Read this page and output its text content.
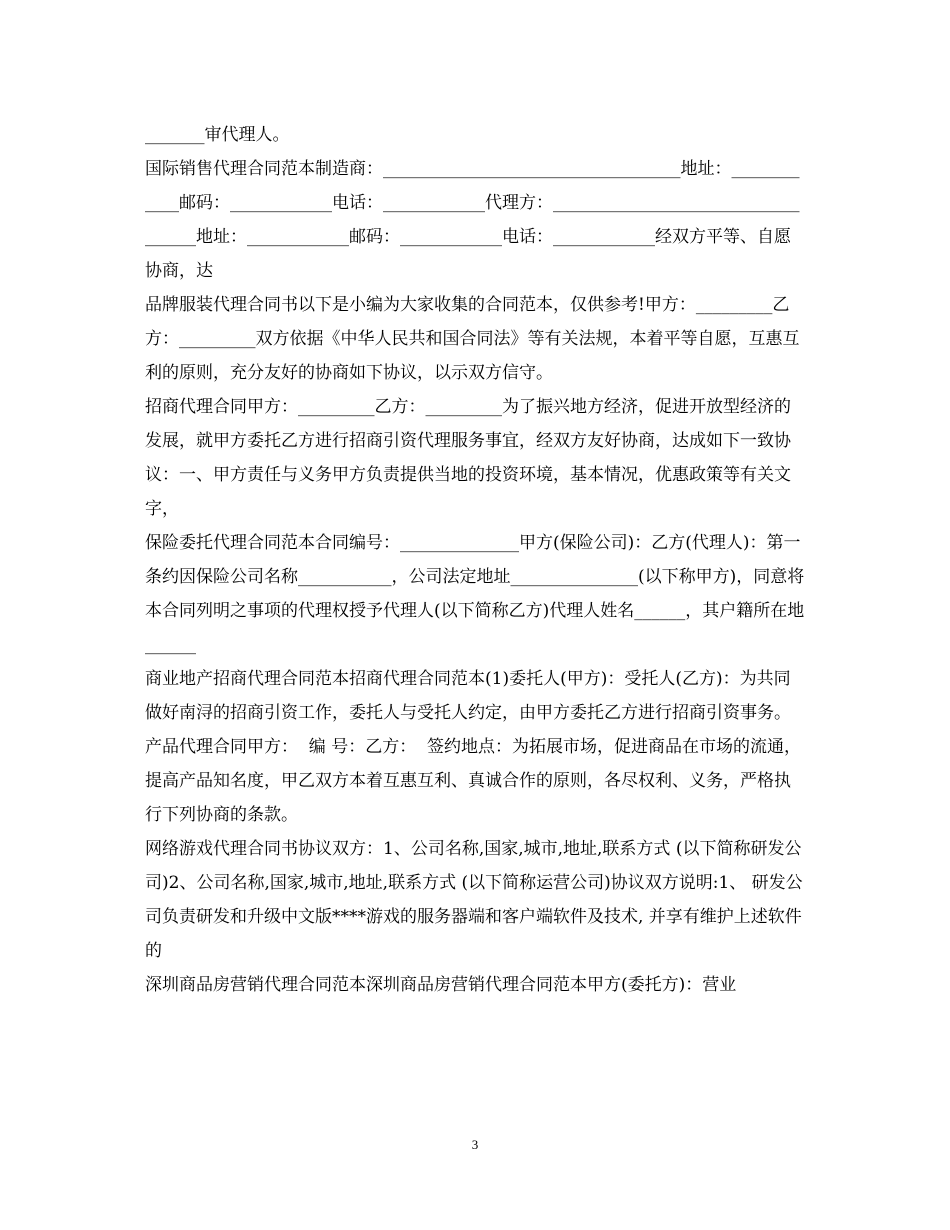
_______审代理人。

国际销售代理合同范本制造商：___________________________________地址：____________邮码：____________电话：____________代理方：___________________________________地址：____________邮码：____________电话：____________经双方平等、自愿协商，达

品牌服装代理合同书以下是小编为大家收集的合同范本，仅供参考!甲方：_________乙方：_________双方依据《中华人民共和国合同法》等有关法规，本着平等自愿，互惠互利的原则，充分友好的协商如下协议，以示双方信守。

招商代理合同甲方：_________乙方：_________为了振兴地方经济，促进开放型经济的发展，就甲方委托乙方进行招商引资代理服务事宜，经双方友好协商，达成如下一致协议：一、甲方责任与义务甲方负责提供当地的投资环境，基本情况，优惠政策等有关文字，

保险委托代理合同范本合同编号：______________甲方(保险公司)：乙方(代理人)：第一条约因保险公司名称___________，公司法定地址_______________(以下称甲方)，同意将本合同列明之事项的代理权授予代理人(以下简称乙方)代理人姓名______，其户籍所在地______

商业地产招商代理合同范本招商代理合同范本(1)委托人(甲方)：受托人(乙方)：为共同做好南浔的招商引资工作，委托人与受托人约定，由甲方委托乙方进行招商引资事务。

产品代理合同甲方：  编 号：乙方：  签约地点：为拓展市场，促进商品在市场的流通，提高产品知名度，甲乙双方本着互惠互利、真诚合作的原则，各尽权利、义务，严格执行下列协商的条款。

网络游戏代理合同书协议双方：1、公司名称,国家,城市,地址,联系方式 (以下简称研发公司)2、公司名称,国家,城市,地址,联系方式 (以下简称运营公司)协议双方说明:1、 研发公司负责研发和升级中文版****游戏的服务器端和客户端软件及技术, 并享有维护上述软件的

深圳商品房营销代理合同范本深圳商品房营销代理合同范本甲方(委托方)：营业

3
